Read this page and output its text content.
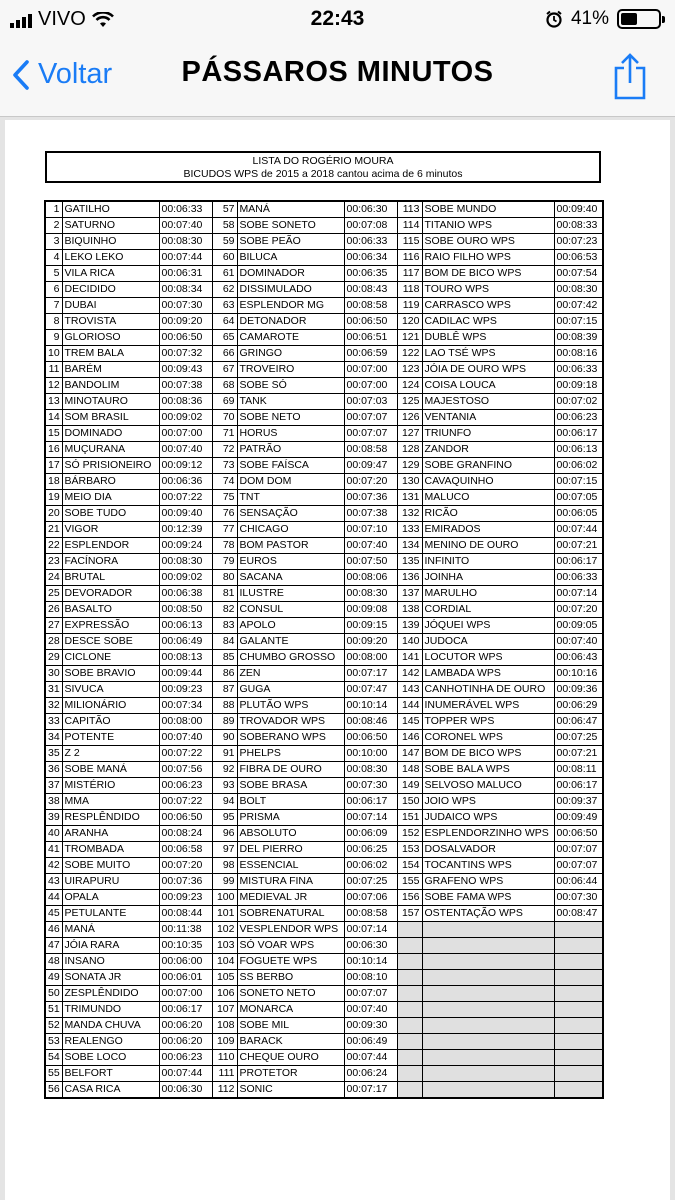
VIVO	22:43	41%
Voltar	PÁSSAROS MINUTOS
LISTA DO ROGÉRIO MOURA
BICUDOS WPS de 2015 a 2018 cantou acima de 6 minutos
1	GATILHO	00:06:33	57	MANÁ	00:06:30	113	SOBE MUNDO	00:09:40
2	SATURNO	00:07:40	58	SOBE SONETO	00:07:08	114	TITANIO WPS	00:08:33
3	BIQUINHO	00:08:30	59	SOBE PEÃO	00:06:33	115	SOBE OURO WPS	00:07:23
4	LEKO LEKO	00:07:44	60	BILUCA	00:06:34	116	RAIO FILHO WPS	00:06:53
5	VILA RICA	00:06:31	61	DOMINADOR	00:06:35	117	BOM DE BICO WPS	00:07:54
6	DECIDIDO	00:08:34	62	DISSIMULADO	00:08:43	118	TOURO WPS	00:08:30
7	DUBAI	00:07:30	63	ESPLENDOR MG	00:08:58	119	CARRASCO WPS	00:07:42
8	TROVISTA	00:09:20	64	DETONADOR	00:06:50	120	CADILAC WPS	00:07:15
9	GLORIOSO	00:06:50	65	CAMAROTE	00:06:51	121	DUBLÊ WPS	00:08:39
10	TREM BALA	00:07:32	66	GRINGO	00:06:59	122	LAO TSÉ WPS	00:08:16
11	BARÉM	00:09:43	67	TROVEIRO	00:07:00	123	JÓIA DE OURO WPS	00:06:33
12	BANDOLIM	00:07:38	68	SOBE SÓ	00:07:00	124	COISA LOUCA	00:09:18
13	MINOTAURO	00:08:36	69	TANK	00:07:03	125	MAJESTOSO	00:07:02
14	SOM BRASIL	00:09:02	70	SOBE NETO	00:07:07	126	VENTANIA	00:06:23
15	DOMINADO	00:07:00	71	HORUS	00:07:07	127	TRIUNFO	00:06:17
16	MUÇURANA	00:07:40	72	PATRÃO	00:08:58	128	ZANDOR	00:06:13
17	SÓ PRISIONEIRO	00:09:12	73	SOBE FAÍSCA	00:09:47	129	SOBE GRANFINO	00:06:02
18	BÁRBARO	00:06:36	74	DOM DOM	00:07:20	130	CAVAQUINHO	00:07:15
19	MEIO DIA	00:07:22	75	TNT	00:07:36	131	MALUCO	00:07:05
20	SOBE TUDO	00:09:40	76	SENSAÇÃO	00:07:38	132	RICÃO	00:06:05
21	VIGOR	00:12:39	77	CHICAGO	00:07:10	133	EMIRADOS	00:07:44
22	ESPLENDOR	00:09:24	78	BOM PASTOR	00:07:40	134	MENINO DE OURO	00:07:21
23	FACÍNORA	00:08:30	79	EUROS	00:07:50	135	INFINITO	00:06:17
24	BRUTAL	00:09:02	80	SACANA	00:08:06	136	JOINHA	00:06:33
25	DEVORADOR	00:06:38	81	ILUSTRE	00:08:30	137	MARULHO	00:07:14
26	BASALTO	00:08:50	82	CONSUL	00:09:08	138	CORDIAL	00:07:20
27	EXPRESSÃO	00:06:13	83	APOLO	00:09:15	139	JÓQUEI WPS	00:09:05
28	DESCE SOBE	00:06:49	84	GALANTE	00:09:20	140	JUDOCA	00:07:40
29	CICLONE	00:08:13	85	CHUMBO GROSSO	00:08:00	141	LOCUTOR WPS	00:06:43
30	SOBE BRAVIO	00:09:44	86	ZEN	00:07:17	142	LAMBADA WPS	00:10:16
31	SIVUCA	00:09:23	87	GUGA	00:07:47	143	CANHOTINHA DE OURO	00:09:36
32	MILIONÁRIO	00:07:34	88	PLUTÃO WPS	00:10:14	144	INUMERÁVEL WPS	00:06:29
33	CAPITÃO	00:08:00	89	TROVADOR WPS	00:08:46	145	TOPPER WPS	00:06:47
34	POTENTE	00:07:40	90	SOBERANO WPS	00:06:50	146	CORONEL WPS	00:07:25
35	Z 2	00:07:22	91	PHELPS	00:10:00	147	BOM DE BICO WPS	00:07:21
36	SOBE MANÁ	00:07:56	92	FIBRA DE OURO	00:08:30	148	SOBE BALA WPS	00:08:11
37	MISTÉRIO	00:06:23	93	SOBE BRASA	00:07:30	149	SELVOSO MALUCO	00:06:17
38	MMA	00:07:22	94	BOLT	00:06:17	150	JOIO WPS	00:09:37
39	RESPLÊNDIDO	00:06:50	95	PRISMA	00:07:14	151	JUDAICO WPS	00:09:49
40	ARANHA	00:08:24	96	ABSOLUTO	00:06:09	152	ESPLENDORZINHO WPS	00:06:50
41	TROMBADA	00:06:58	97	DEL PIERRO	00:06:25	153	DOSALVADOR	00:07:07
42	SOBE MUITO	00:07:20	98	ESSENCIAL	00:06:02	154	TOCANTINS WPS	00:07:07
43	UIRAPURU	00:07:36	99	MISTURA FINA	00:07:25	155	GRAFENO WPS	00:06:44
44	OPALA	00:09:23	100	MEDIEVAL JR	00:07:06	156	SOBE FAMA WPS	00:07:30
45	PETULANTE	00:08:44	101	SOBRENATURAL	00:08:58	157	OSTENTAÇÃO WPS	00:08:47
46	MANÁ	00:11:38	102	VESPLENDOR WPS	00:07:14			
47	JÓIA RARA	00:10:35	103	SÓ VOAR WPS	00:06:30			
48	INSANO	00:06:00	104	FOGUETE WPS	00:10:14			
49	SONATA JR	00:06:01	105	SS BERBO	00:08:10			
50	ZESPLÊNDIDO	00:07:00	106	SONETO NETO	00:07:07			
51	TRIMUNDO	00:06:17	107	MONARCA	00:07:40			
52	MANDA CHUVA	00:06:20	108	SOBE MIL	00:09:30			
53	REALENGO	00:06:20	109	BARACK	00:06:49			
54	SOBE LOCO	00:06:23	110	CHEQUE OURO	00:07:44			
55	BELFORT	00:07:44	111	PROTETOR	00:06:24			
56	CASA RICA	00:06:30	112	SONIC	00:07:17			
